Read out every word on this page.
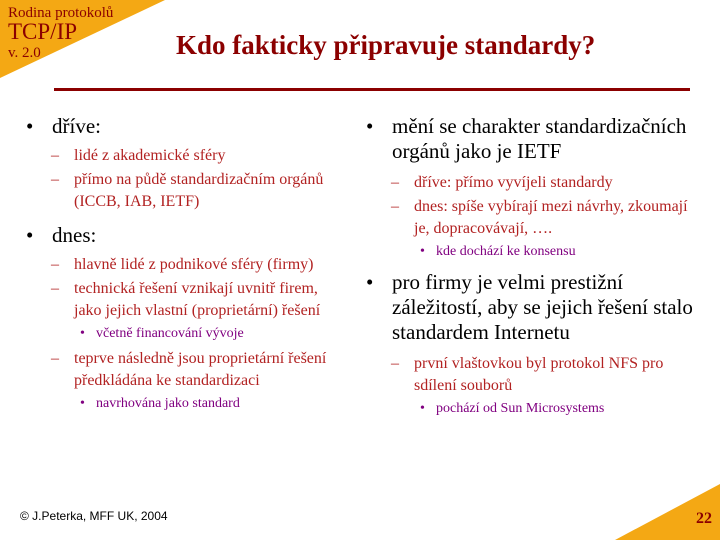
Rodina protokolů
TCP/IP
v. 2.0	Kdo fakticky připravuje standardy?
• dříve:
– lidé z akademické sféry
– přímo na půdě standardizačním orgánů (ICCB, IAB, IETF)
• dnes:
– hlavně lidé z podnikové sféry (firmy)
– technická řešení vznikají uvnitř firem, jako jejich vlastní (proprietární) řešení
• včetně financování vývoje
– teprve následně jsou proprietární řešení předkládána ke standardizaci
• navrhována jako standard
• mění se charakter standardizačních orgánů jako je IETF
– dříve: přímo vyvíjeli standardy
– dnes: spíše vybírají mezi návrhy, zkoumají je, dopracovávají, ….
• kde dochází ke konsensu
• pro firmy je velmi prestižní záležitostí, aby se jejich řešení stalo standardem Internetu
– první vlaštovkou byl protokol NFS pro sdílení souborů
• pochází od Sun Microsystems
© J.Peterka, MFF UK, 2004	22
